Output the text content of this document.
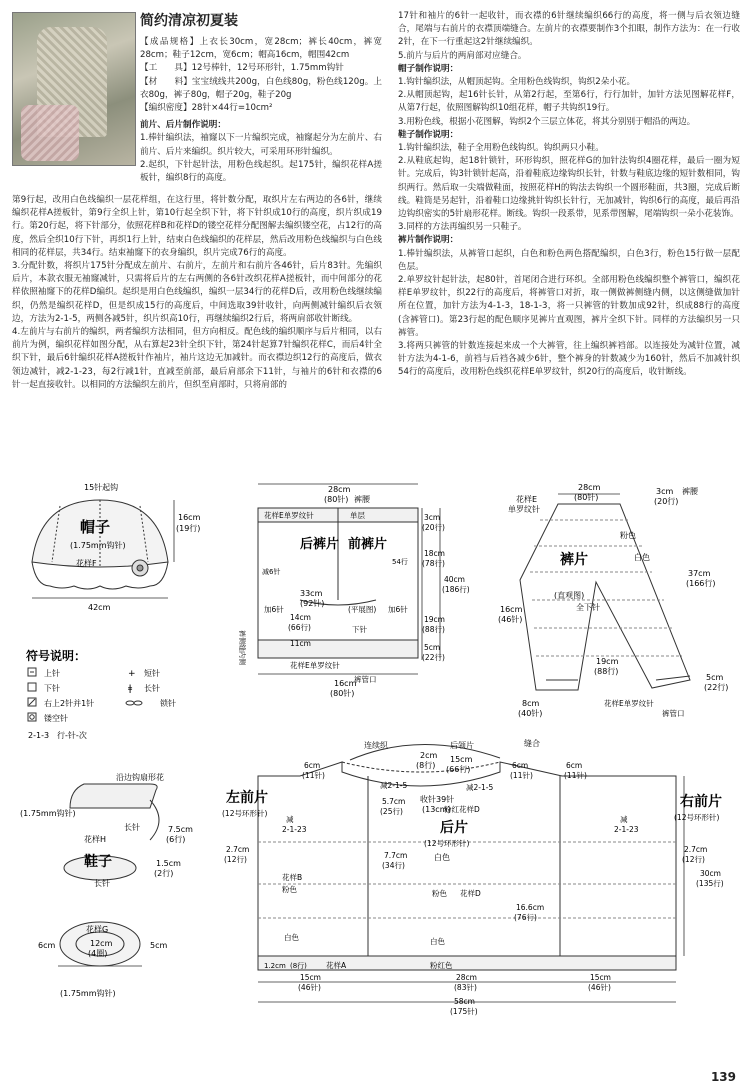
简约清凉初夏装

【成品规格】上衣长30cm，宽28cm；裤长40cm，裤宽28cm；鞋子12cm，宽6cm；帽高16cm，帽围42cm

【工　　具】12号棒针，12号环形针，1.75mm钩针

【材　　料】宝宝绒线共200g，白色线80g，粉色线120g。上衣80g，裤子80g，帽子20g，鞋子20g

【编织密度】28针×44行=10cm²

前片、后片制作说明：

1.棒针编织法，袖窿以下一片编织完成，袖窿起分为左前片、右前片、后片来编织。织片较大，可采用环形针编织。

2.起织，下针起针法，用粉色线起织。起175针，编织花样A搓板针，编织8行的高度。

第9行起，改用白色线编织一层花样组，在这行里，将针数分配，取织片左右两边的各6针，继续编织花样A搓板针，第9行全织上针，第10行起全织下针，将下针织成10行的高度，织片织成19行。第20行起，将下针部分，依照花样B和花样D的镂空花样分配图解去编织镂空花，占12行的高度，然后全织10行下针，再织1行上针，结束白色线编织的花样层，然后改用粉色线编织与白色线相同的花样层，共34行。结束袖窿下的衣身编织，织片完成76行的高度。

3.分配针数，将织片175针分配成左前片、右前片，左前片和右前片各46针，后片83针。先编织后片，本款衣服无袖窿减针，只需将后片的左右两侧的各6针改织花样A搓板针，而中间部分的花样依照袖窿下的花样D编织。起织是用白色线编织，编织一层34行的花样D后，改用粉色线继续编织，仍然是编织花样D，但是织成15行的高度后，中间选取39针收针，向两侧减针编织后衣领边，方法为2-1-5，两侧各减5针，织片织高10行，再继续编织2行后，将两肩部收针断线。

4.左前片与右前片的编织，两者编织方法相同，但方向相反。配色线的编织顺序与后片相同，以右前片为例，编织花样如图分配，从右算起23针全织下针，第24针起算7针编织花样C，而后4针全织下针，最后6针编织花样A搓板针作袖片，袖片这边无加减针。而衣襟边织12行的高度后，做衣领边减针，减2-1-23，每2行减1针，直减至前部，最后肩部余下11针，与袖片的6针和衣襟的6针一起直接收针。以相同的方法编织左前片，但织至肩部时，只将肩部的

17针和袖片的6针一起收针，而衣襟的6针继续编织66行的高度，将一侧与后衣领边缝合，尾端与右前片的衣襟顶端缝合。左前片的衣襟要制作3个扣眼，制作方法为：在一行收2针，在下一行重起这2针继续编织。

5.前片与后片的两肩部对应缝合。

帽子制作说明：

1.钩针编织法，从帽顶起钩。全用粉色线钩织，钩织2朵小花。

2.从帽顶起钩，起16针长针，从第2行起，至第6行，行行加针，加针方法见图解花样F，从第7行起，依照图解钩织10组花样，帽子共钩织19行。

3.用粉色线，根据小花图解，钩织2个三层立体花，将其分别别于帽沿的两边。

鞋子制作说明：

1.钩针编织法，鞋子全用粉色线钩织。钩织两只小鞋。

2.从鞋底起钩，起18针锁针，环形钩织，照花样G的加针法钩织4圈花样，最后一圈为短针。完成后，钩3针锁针起高，沿着鞋底边缘钩织长针，针数与鞋底边缘的短针数相同，钩织两行。然后取一尖端做鞋面，按照花样H的钩法去钩织一个圆形鞋面，共3圈，完成后断线。鞋筒是另起针，沿着鞋口边缘挑针钩织长针行，无加减针，钩织6行的高度，最后再沿边钩织密实的5针扇形花样。断线。钩织一段系带，见系带图解，尾端钩织一朵小花装饰。

3.同样的方法再编织另一只鞋子。

裤片制作说明：

1.棒针编织法，从裤管口起织，白色和粉色两色搭配编织，白色3行，粉色15行做一层配色层。

2.单罗纹针起针法，起80针，首尾闭合进行环织。全部用粉色线编织整个裤管口，编织花样E单罗纹针，织22行的高度后，将裤管口对折，取一侧做裤侧缝内侧，以这侧缝做加针所在位置，加针方法为4-1-3，18-1-3，将一只裤管的针数加成92针，织成88行的高度(含裤管口)。第23行起的配色顺序见裤片直观图，裤片全织下针。同样的方法编织另一只裤管。

3.将两只裤管的针数连接起来成一个大裤管，往上编织裤裆部。以连接处为减针位置，减针方法为4-1-6，前裆与后裆各减少6针，整个裤身的针数减少为160针，然后不加减针织54行的高度后，改用粉色线织花样E单罗纹针，织20行的高度后，收针断线。

15针起钩
帽子
(1.75mm钩针)
花样F
16cm
(19行)
42cm
符号说明：
上针
下针
右上2针并1针
镂空针
+ 短针
ǂ 长针
锁针
2-1-3　行-针-次
28cm
(80针) 裤腰
花样E单罗纹针	单层
后裤片 前裤片
33cm
(92针)
(平展图)
加6针	加6针
14cm
(66行)
11cm
下针
花样E单罗纹针
16cm
(80针)
裤管口
3cm
(20行)
18cm
(78行)
40cm
(186行)
19cm
(88行)
5cm
(22行)
54行
减6针
裤侧缝内侧
28cm
(80针)
花样E
单罗纹针
3cm
(20行)
裤腰
裤片
粉色
白色
37cm
(166行)
(直观图)
全下针
16cm
(46针)
19cm
(88行)
5cm
(22行)
8cm
(40针)
花样E单罗纹针
裤管口
沿边钩扇形花
(1.75mm钩针)
长针
花样H
7.5cm
(6行)
鞋子
长针
1.5cm
(2行)
花样G
12cm
(4圈)
6cm	5cm
(1.75mm钩针)
连续织	后领片	缝合
2cm
(8行)
15cm
(66行)
减2-1-5	减2-1-5
6cm
(11针)
6cm
(11针)
6cm
(11针)
收针39针
(13cm)
粉红花样D
5.7cm
(25行)
左前片
(12号环形针)
后片
(12号环形针)
右前片
(12号环形针)
减
2-1-23
减
2-1-23
2.7cm
(12行)
2.7cm
(12行)
30cm
(135行)
7.7cm
(34行)
白色
花样B
粉色	粉色 花样D
16.6cm
(76行)
白色	白色
1.2cm (8行)	花样A	粉红色
15cm
(46针)
15cm
(46针)
28cm
(83针)
58cm
(175针)
139
